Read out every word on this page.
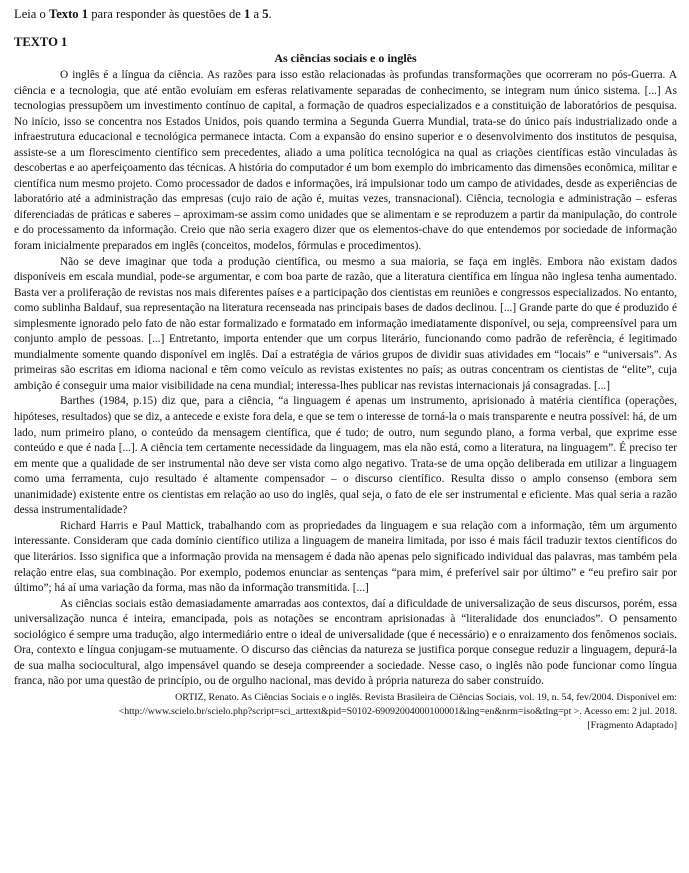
Leia o Texto 1 para responder às questões de 1 a 5.

TEXTO 1

As ciências sociais e o inglês

O inglês é a língua da ciência. As razões para isso estão relacionadas às profundas transformações que ocorreram no pós-Guerra. A ciência e a tecnologia, que até então evoluíam em esferas relativamente separadas de conhecimento, se integram num único sistema. [...] As tecnologias pressupõem um investimento contínuo de capital, a formação de quadros especializados e a constituição de laboratórios de pesquisa. No início, isso se concentra nos Estados Unidos, pois quando termina a Segunda Guerra Mundial, trata-se do único país industrializado onde a infraestrutura educacional e tecnológica permanece intacta. Com a expansão do ensino superior e o desenvolvimento dos institutos de pesquisa, assiste-se a um florescimento científico sem precedentes, aliado a uma política tecnológica na qual as criações científicas estão vinculadas às descobertas e ao aperfeiçoamento das técnicas. A história do computador é um bom exemplo do imbricamento das dimensões econômica, militar e científica num mesmo projeto. Como processador de dados e informações, irá impulsionar todo um campo de atividades, desde as experiências de laboratório até a administração das empresas (cujo raio de ação é, muitas vezes, transnacional). Ciência, tecnologia e administração – esferas diferenciadas de práticas e saberes – aproximam-se assim como unidades que se alimentam e se reproduzem a partir da manipulação, do controle e do processamento da informação. Creio que não seria exagero dizer que os elementos-chave do que entendemos por sociedade de informação foram inicialmente preparados em inglês (conceitos, modelos, fórmulas e procedimentos).

Não se deve imaginar que toda a produção científica, ou mesmo a sua maioria, se faça em inglês. Embora não existam dados disponíveis em escala mundial, pode-se argumentar, e com boa parte de razão, que a literatura científica em língua não inglesa tenha aumentado. Basta ver a proliferação de revistas nos mais diferentes países e a participação dos cientistas em reuniões e congressos especializados. No entanto, como sublinha Baldauf, sua representação na literatura recenseada nas principais bases de dados declinou. [...] Grande parte do que é produzido é simplesmente ignorado pelo fato de não estar formalizado e formatado em informação imediatamente disponível, ou seja, compreensível para um conjunto amplo de pessoas. [...] Entretanto, importa entender que um corpus literário, funcionando como padrão de referência, é legitimado mundialmente somente quando disponível em inglês. Daí a estratégia de vários grupos de dividir suas atividades em “locais” e “universais”. As primeiras são escritas em idioma nacional e têm como veículo as revistas existentes no país; as outras concentram os cientistas de “elite”, cuja ambição é conseguir uma maior visibilidade na cena mundial; interessa-lhes publicar nas revistas internacionais já consagradas. [...]

Barthes (1984, p.15) diz que, para a ciência, “a linguagem é apenas um instrumento, aprisionado à matéria científica (operações, hipóteses, resultados) que se diz, a antecede e existe fora dela, e que se tem o interesse de torná-la o mais transparente e neutra possível: há, de um lado, num primeiro plano, o conteúdo da mensagem científica, que é tudo; de outro, num segundo plano, a forma verbal, que exprime esse conteúdo e que é nada [...]. A ciência tem certamente necessidade da linguagem, mas ela não está, como a literatura, na linguagem”. É preciso ter em mente que a qualidade de ser instrumental não deve ser vista como algo negativo. Trata-se de uma opção deliberada em utilizar a linguagem como uma ferramenta, cujo resultado é altamente compensador – o discurso científico. Resulta disso o amplo consenso (embora sem unanimidade) existente entre os cientistas em relação ao uso do inglês, qual seja, o fato de ele ser instrumental e eficiente. Mas qual seria a razão dessa instrumentalidade?

Richard Harris e Paul Mattick, trabalhando com as propriedades da linguagem e sua relação com a informação, têm um argumento interessante. Consideram que cada domínio científico utiliza a linguagem de maneira limitada, por isso é mais fácil traduzir textos científicos do que literários. Isso significa que a informação provida na mensagem é dada não apenas pelo significado individual das palavras, mas também pela relação entre elas, sua combinação. Por exemplo, podemos enunciar as sentenças “para mim, é preferível sair por último” e “eu prefiro sair por último”; há aí uma variação da forma, mas não da informação transmitida. [...]

As ciências sociais estão demasiadamente amarradas aos contextos, daí a dificuldade de universalização de seus discursos, porém, essa universalização nunca é inteira, emancipada, pois as notações se encontram aprisionadas à “literalidade dos enunciados”. O pensamento sociológico é sempre uma tradução, algo intermediário entre o ideal de universalidade (que é necessário) e o enraizamento dos fenômenos sociais. Ora, contexto e língua conjugam-se mutuamente. O discurso das ciências da natureza se justifica porque consegue reduzir a linguagem, depurá-la de sua malha sociocultural, algo impensável quando se deseja compreender a sociedade. Nesse caso, o inglês não pode funcionar como língua franca, não por uma questão de princípio, ou de orgulho nacional, mas devido à própria natureza do saber construído.

ORTIZ, Renato. As Ciências Sociais e o inglês. Revista Brasileira de Ciências Sociais, vol. 19, n. 54, fev/2004. Disponível em:
<http://www.scielo.br/scielo.php?script=sci_arttext&pid=S0102-69092004000100001&lng=en&nrm=iso&tlng=pt >. Acesso em: 2 jul. 2018.
[Fragmento Adaptado]
